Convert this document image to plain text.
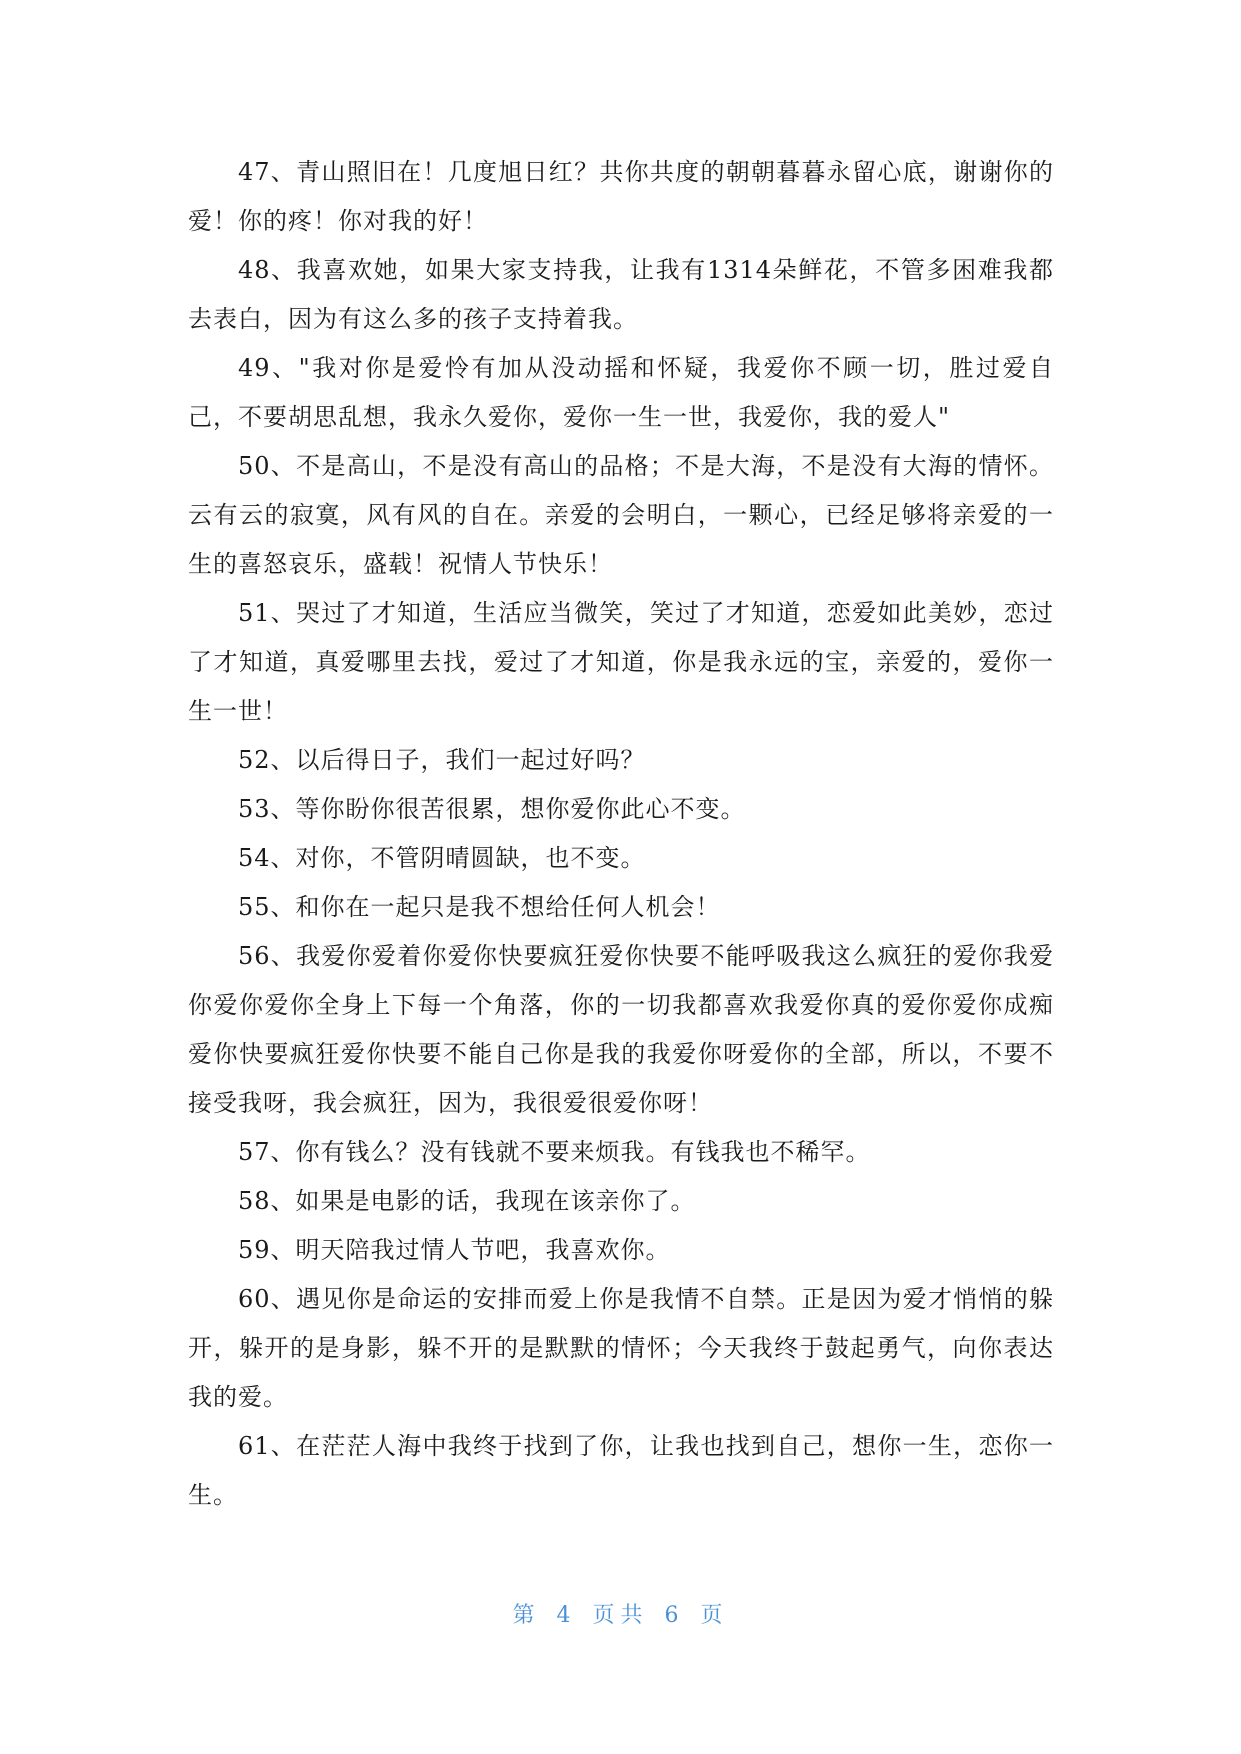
47、青山照旧在！几度旭日红？共你共度的朝朝暮暮永留心底，谢谢你的爱！你的疼！你对我的好！

48、我喜欢她，如果大家支持我，让我有1314朵鲜花，不管多困难我都去表白，因为有这么多的孩子支持着我。

49、"我对你是爱怜有加从没动摇和怀疑，我爱你不顾一切，胜过爱自己，不要胡思乱想，我永久爱你，爱你一生一世，我爱你，我的爱人"

50、不是高山，不是没有高山的品格；不是大海，不是没有大海的情怀。云有云的寂寞，风有风的自在。亲爱的会明白，一颗心，已经足够将亲爱的一生的喜怒哀乐，盛载！祝情人节快乐！

51、哭过了才知道，生活应当微笑，笑过了才知道，恋爱如此美妙，恋过了才知道，真爱哪里去找，爱过了才知道，你是我永远的宝，亲爱的，爱你一生一世！

52、以后得日子，我们一起过好吗？

53、等你盼你很苦很累，想你爱你此心不变。

54、对你，不管阴晴圆缺，也不变。

55、和你在一起只是我不想给任何人机会！

56、我爱你爱着你爱你快要疯狂爱你快要不能呼吸我这么疯狂的爱你我爱你爱你爱你全身上下每一个角落，你的一切我都喜欢我爱你真的爱你爱你成痴爱你快要疯狂爱你快要不能自己你是我的我爱你呀爱你的全部，所以，不要不接受我呀，我会疯狂，因为，我很爱很爱你呀！

57、你有钱么？没有钱就不要来烦我。有钱我也不稀罕。

58、如果是电影的话，我现在该亲你了。

59、明天陪我过情人节吧，我喜欢你。

60、遇见你是命运的安排而爱上你是我情不自禁。正是因为爱才悄悄的躲开，躲开的是身影，躲不开的是默默的情怀；今天我终于鼓起勇气，向你表达我的爱。

61、在茫茫人海中我终于找到了你，让我也找到自己，想你一生，恋你一生。

第 4 页共 6 页
